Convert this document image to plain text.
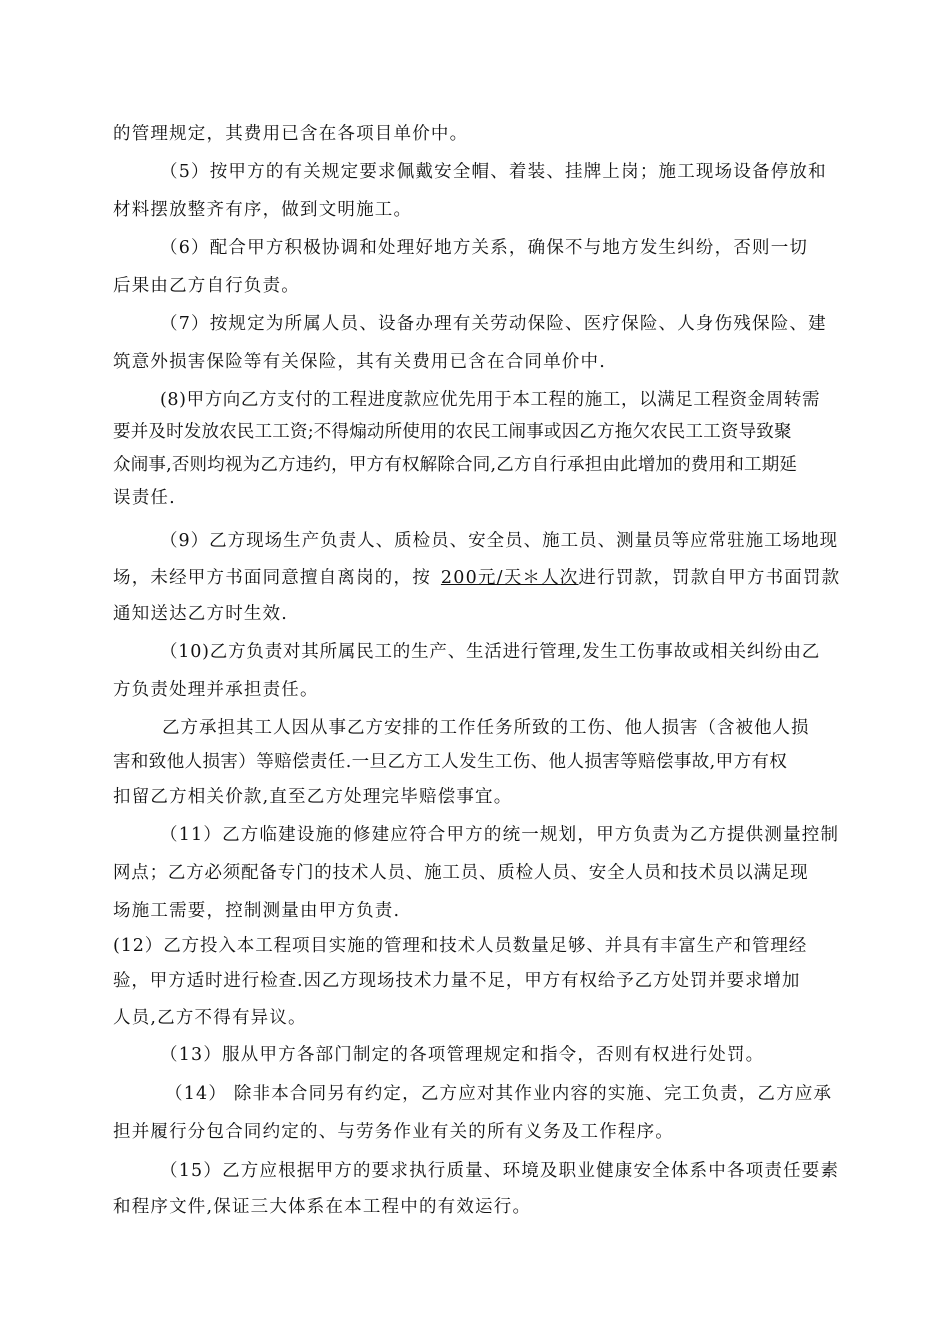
的管理规定，其费用已含在各项目单价中。
（5）按甲方的有关规定要求佩戴安全帽、着装、挂牌上岗；施工现场设备停放和
材料摆放整齐有序，做到文明施工。
（6）配合甲方积极协调和处理好地方关系，确保不与地方发生纠纷，否则一切
后果由乙方自行负责。
（7）按规定为所属人员、设备办理有关劳动保险、医疗保险、人身伤残保险、建
筑意外损害保险等有关保险，其有关费用已含在合同单价中.
(8)甲方向乙方支付的工程进度款应优先用于本工程的施工，以满足工程资金周转需
要并及时发放农民工工资;不得煽动所使用的农民工闹事或因乙方拖欠农民工工资导致聚
众闹事,否则均视为乙方违约，甲方有权解除合同,乙方自行承担由此增加的费用和工期延
误责任.
（9）乙方现场生产负责人、质检员、安全员、施工员、测量员等应常驻施工场地现
场，未经甲方书面同意擅自离岗的，按 200元/天＊人次进行罚款，罚款自甲方书面罚款
通知送达乙方时生效.
（10)乙方负责对其所属民工的生产、生活进行管理,发生工伤事故或相关纠纷由乙
方负责处理并承担责任。
乙方承担其工人因从事乙方安排的工作任务所致的工伤、他人损害（含被他人损
害和致他人损害）等赔偿责任.一旦乙方工人发生工伤、他人损害等赔偿事故,甲方有权
扣留乙方相关价款,直至乙方处理完毕赔偿事宜。
（11）乙方临建设施的修建应符合甲方的统一规划，甲方负责为乙方提供测量控制
网点；乙方必须配备专门的技术人员、施工员、质检人员、安全人员和技术员以满足现
场施工需要，控制测量由甲方负责.
(12）乙方投入本工程项目实施的管理和技术人员数量足够、并具有丰富生产和管理经
验，甲方适时进行检查.因乙方现场技术力量不足，甲方有权给予乙方处罚并要求增加
人员,乙方不得有异议。
（13）服从甲方各部门制定的各项管理规定和指令，否则有权进行处罚。
（14） 除非本合同另有约定，乙方应对其作业内容的实施、完工负责，乙方应承
担并履行分包合同约定的、与劳务作业有关的所有义务及工作程序。
（15）乙方应根据甲方的要求执行质量、环境及职业健康安全体系中各项责任要素
和程序文件,保证三大体系在本工程中的有效运行。
